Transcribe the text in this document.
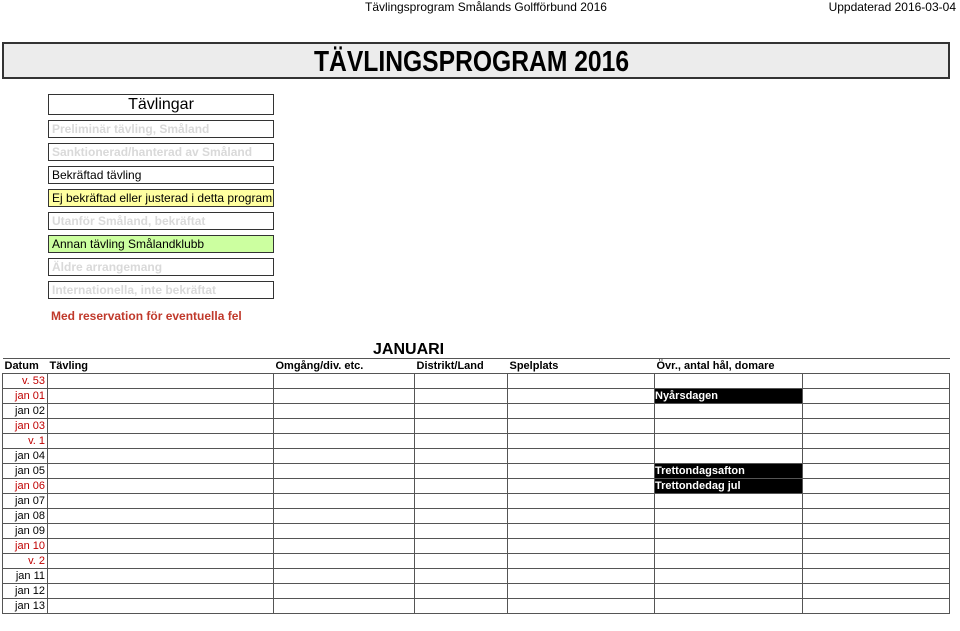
Tävlingsprogram Smålands Golfförbund 2016	Uppdaterad 2016-03-04
TÄVLINGSPROGRAM 2016
Tävlingar
Preliminär tävling, Småland
Sanktionerad/hanterad av Småland
Bekräftad tävling
Ej bekräftad eller justerad i detta program
Utanför Småland, bekräftat
Annan tävling Smålandklubb
Äldre arrangemang
Internationella, inte bekräftat
Med reservation för eventuella fel
JANUARI
Datum	Tävling	Omgång/div. etc.	Distrikt/Land	Spelplats	Övr., antal hål, domare	
v. 53						
jan 01					Nyårsdagen	
jan 02						
jan 03						
v. 1						
jan 04						
jan 05					Trettondagsafton	
jan 06					Trettondedag jul	
jan 07						
jan 08						
jan 09						
jan 10						
v. 2						
jan 11						
jan 12						
jan 13						
